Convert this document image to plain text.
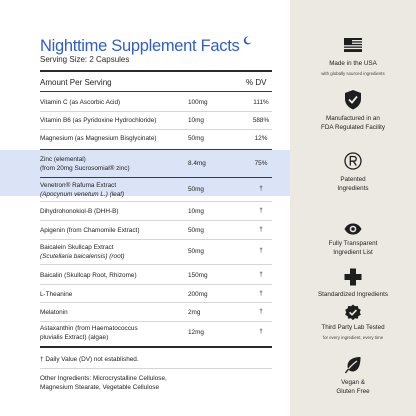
Nighttime Supplement Facts
Serving Size: 2 Capsules
Amount Per Serving	% DV
Vitamin C (as Ascorbic Acid)	100mg	111%
Vitamin B6 (as Pyridoxine Hydrochloride)	10mg	588%
Magnesium (as Magnesium Bisglycinate)	50mg	12%
Zinc (elemental)
(from 20mg Sucrosomial® zinc)
8.4mg	75%
Venetron® Rafuma Extract
(Apocynum venetum L.) (leaf)
50mg	†
Dihydrohonokiol-B (DHH-B)	10mg	†
Apigenin (from Chamomile Extract)	50mg	†
Baicalein Skullcap Extract
(Scutellaria baicalensis) (root)
50mg	†
Baicalin (Skullcap Root, Rhizome)	150mg	†
L-Theanine	200mg	†
Melatonin	2mg	†
Astaxanthin (from Haematococcus
pluvialis Extract) (algae)
12mg	†
† Daily Value (DV) not established.
Other Ingredients: Microcrystalline Cellulose,
Magnesium Stearate, Vegetable Cellulose
Made in the USA
with globally sourced ingredients
Manufactured in an
FDA Regulated Facility
Patented
Ingredients
Fully Transparent
Ingredient List
Standardized Ingredients
Third Party Lab Tested
for every ingredient, every time
Vegan &
Gluten Free
